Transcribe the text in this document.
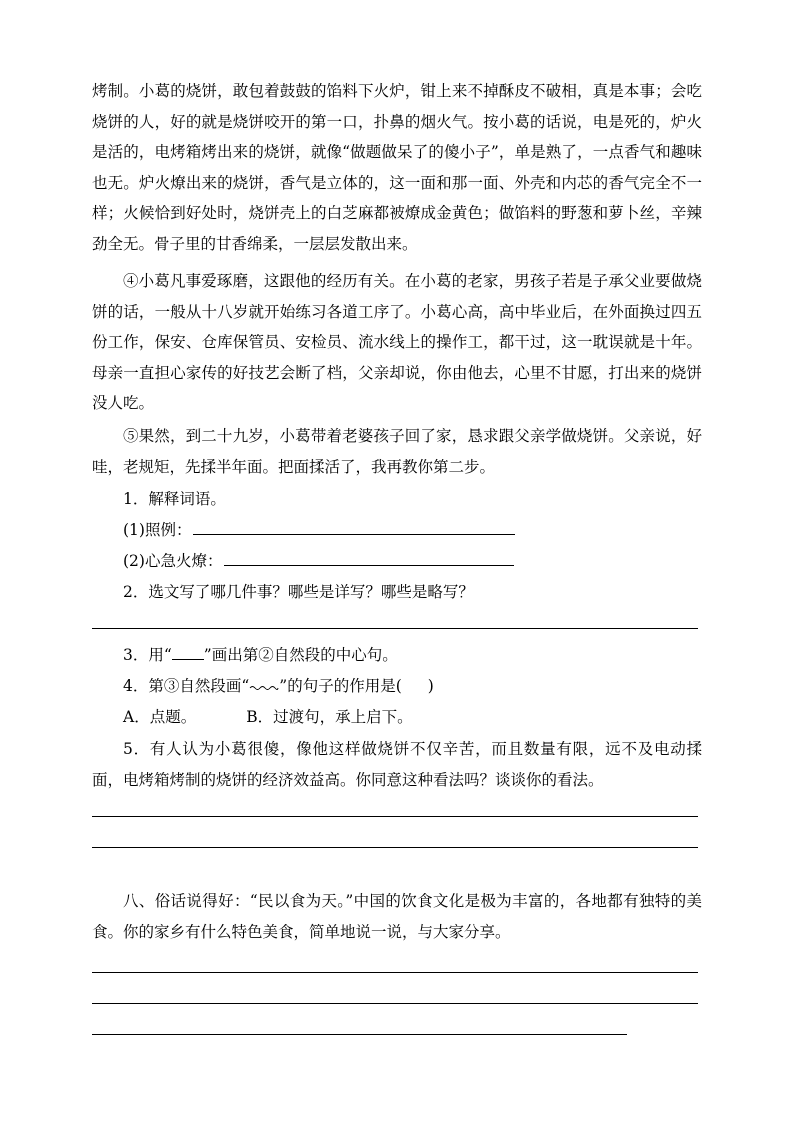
烤制。小葛的烧饼，敢包着鼓鼓的馅料下火炉，钳上来不掉酥皮不破相，真是本事；会吃烧饼的人，好的就是烧饼咬开的第一口，扑鼻的烟火气。按小葛的话说，电是死的，炉火是活的，电烤箱烤出来的烧饼，就像“做题做呆了的傻小子”，单是熟了，一点香气和趣味也无。炉火燎出来的烧饼，香气是立体的，这一面和那一面、外壳和内芯的香气完全不一样；火候恰到好处时，烧饼壳上的白芝麻都被燎成金黄色；做馅料的野葱和萝卜丝，辛辣劲全无。骨子里的甘香绵柔，一层层发散出来。

④小葛凡事爱琢磨，这跟他的经历有关。在小葛的老家，男孩子若是子承父业要做烧饼的话，一般从十八岁就开始练习各道工序了。小葛心高，高中毕业后，在外面换过四五份工作，保安、仓库保管员、安检员、流水线上的操作工，都干过，这一耽误就是十年。母亲一直担心家传的好技艺会断了档，父亲却说，你由他去，心里不甘愿，打出来的烧饼没人吃。

⑤果然，到二十九岁，小葛带着老婆孩子回了家，恳求跟父亲学做烧饼。父亲说，好哇，老规矩，先揉半年面。把面揉活了，我再教你第二步。

1．解释词语。
(1)照例：
(2)心急火燎：
2．选文写了哪几件事？哪些是详写？哪些是略写？
3．用“ ”画出第②自然段的中心句。
4．第③自然段画“ ”的句子的作用是( )
A．点题。	B．过渡句，承上启下。

5．有人认为小葛很傻，像他这样做烧饼不仅辛苦，而且数量有限，远不及电动揉面，电烤箱烤制的烧饼的经济效益高。你同意这种看法吗？谈谈你的看法。

八、俗话说得好：“民以食为天。”中国的饮食文化是极为丰富的，各地都有独特的美食。你的家乡有什么特色美食，简单地说一说，与大家分享。
